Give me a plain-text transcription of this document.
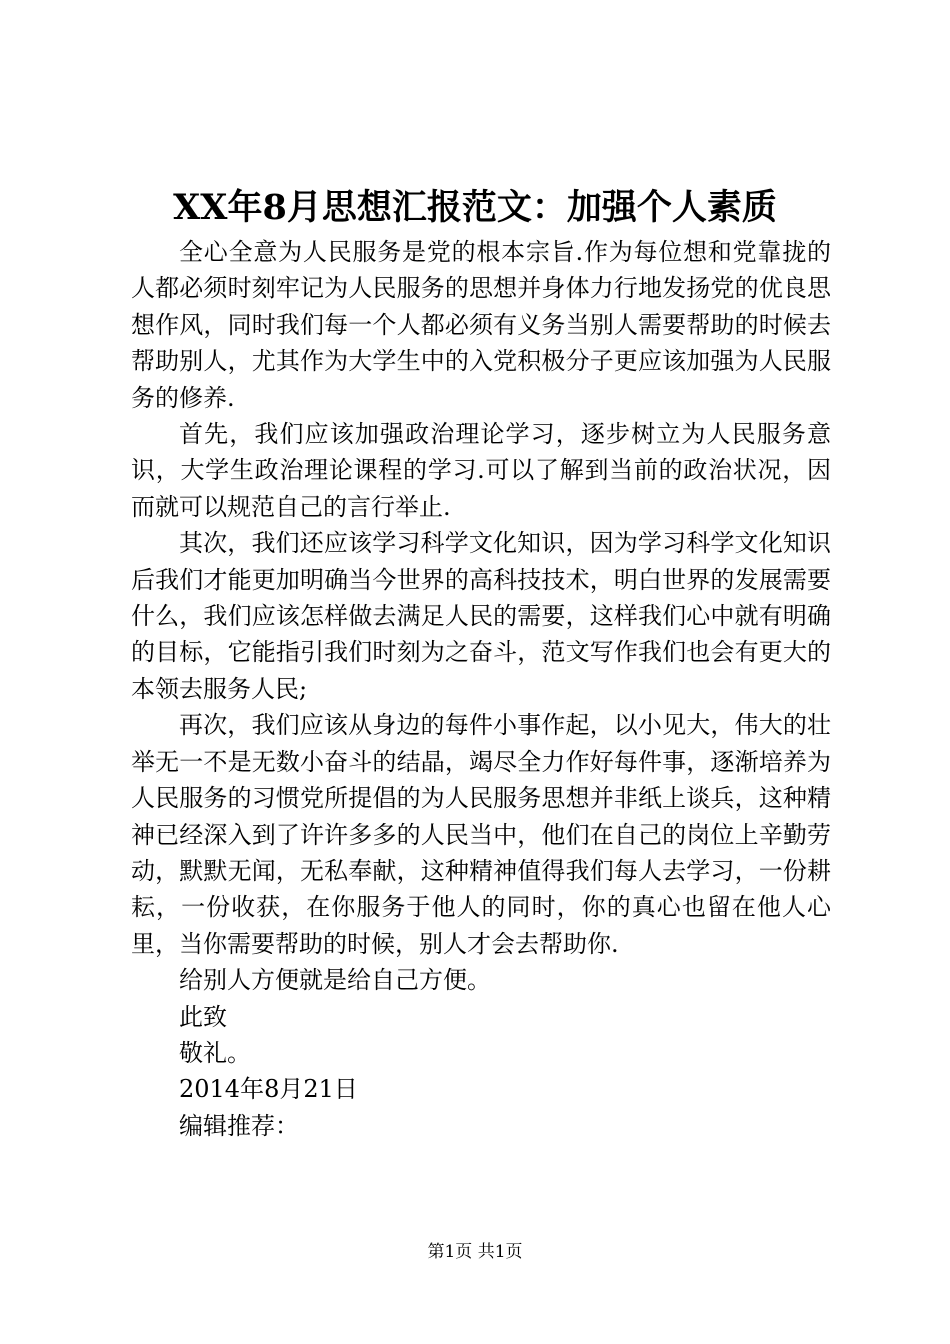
XX年8月思想汇报范文：加强个人素质

全心全意为人民服务是党的根本宗旨.作为每位想和党靠拢的人都必须时刻牢记为人民服务的思想并身体力行地发扬党的优良思想作风，同时我们每一个人都必须有义务当别人需要帮助的时候去帮助别人，尤其作为大学生中的入党积极分子更应该加强为人民服务的修养.

首先，我们应该加强政治理论学习，逐步树立为人民服务意识，大学生政治理论课程的学习.可以了解到当前的政治状况，因而就可以规范自己的言行举止.

其次，我们还应该学习科学文化知识，因为学习科学文化知识后我们才能更加明确当今世界的高科技技术，明白世界的发展需要什么，我们应该怎样做去满足人民的需要，这样我们心中就有明确的目标，它能指引我们时刻为之奋斗，范文写作我们也会有更大的本领去服务人民;

再次，我们应该从身边的每件小事作起，以小见大，伟大的壮举无一不是无数小奋斗的结晶，竭尽全力作好每件事，逐渐培养为人民服务的习惯党所提倡的为人民服务思想并非纸上谈兵，这种精神已经深入到了许许多多的人民当中，他们在自己的岗位上辛勤劳动，默默无闻，无私奉献，这种精神值得我们每人去学习，一份耕耘，一份收获，在你服务于他人的同时，你的真心也留在他人心里，当你需要帮助的时候，别人才会去帮助你.

给别人方便就是给自己方便。

此致

敬礼。

2014年8月21日

编辑推荐：

第1页 共1页
